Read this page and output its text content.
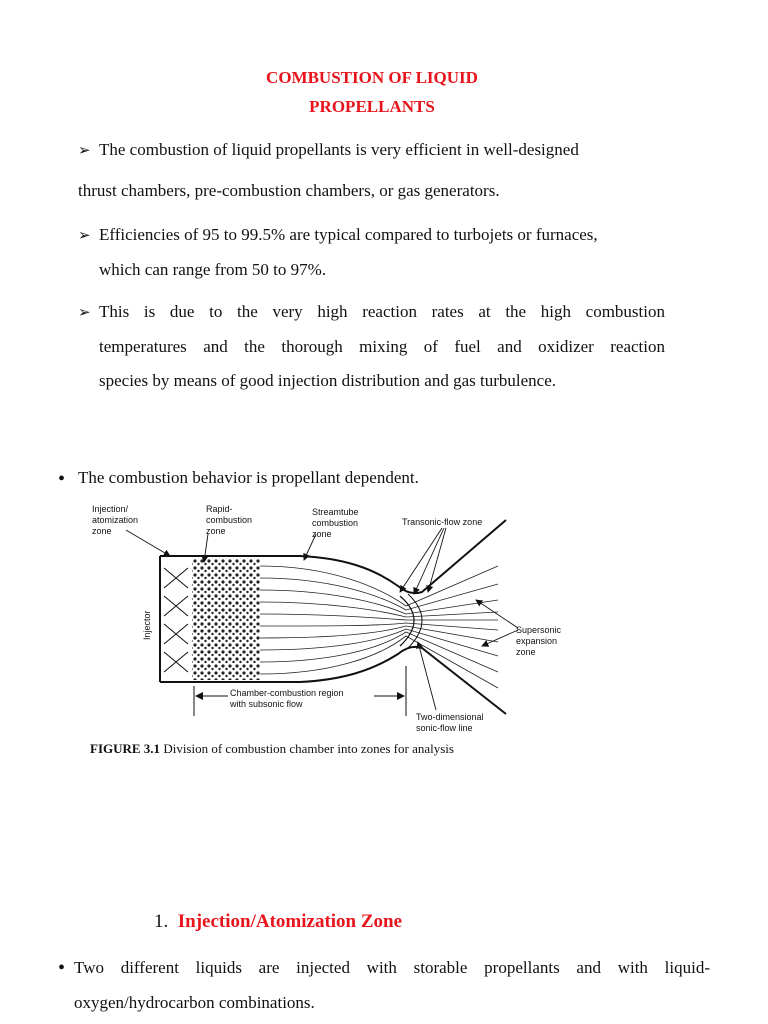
COMBUSTION OF LIQUID
PROPELLANTS
➢ The combustion of liquid propellants is very efficient in well-designed

thrust chambers, pre-combustion chambers, or gas generators.

➢ Efficiencies of 95 to 99.5% are typical compared to turbojets or furnaces,

which can range from 50 to 97%.

➢ This is due to the very high reaction rates at the high combustion

temperatures and the thorough mixing of fuel and oxidizer reaction

species by means of good injection distribution and gas turbulence.

• The combustion behavior is propellant dependent.

Injection/
atomization
zone
Rapid-
combustion
zone
Streamtube
combustion
zone
Transonic-flow zone
Injector	Supersonic
expansion
zone
Chamber-combustion region
with subsonic flow
Two-dimensional
sonic-flow line

FIGURE 3.1 Division of combustion chamber into zones for analysis

1. Injection/Atomization Zone

• Two different liquids are injected with storable propellants and with liquid-

oxygen/hydrocarbon combinations.
